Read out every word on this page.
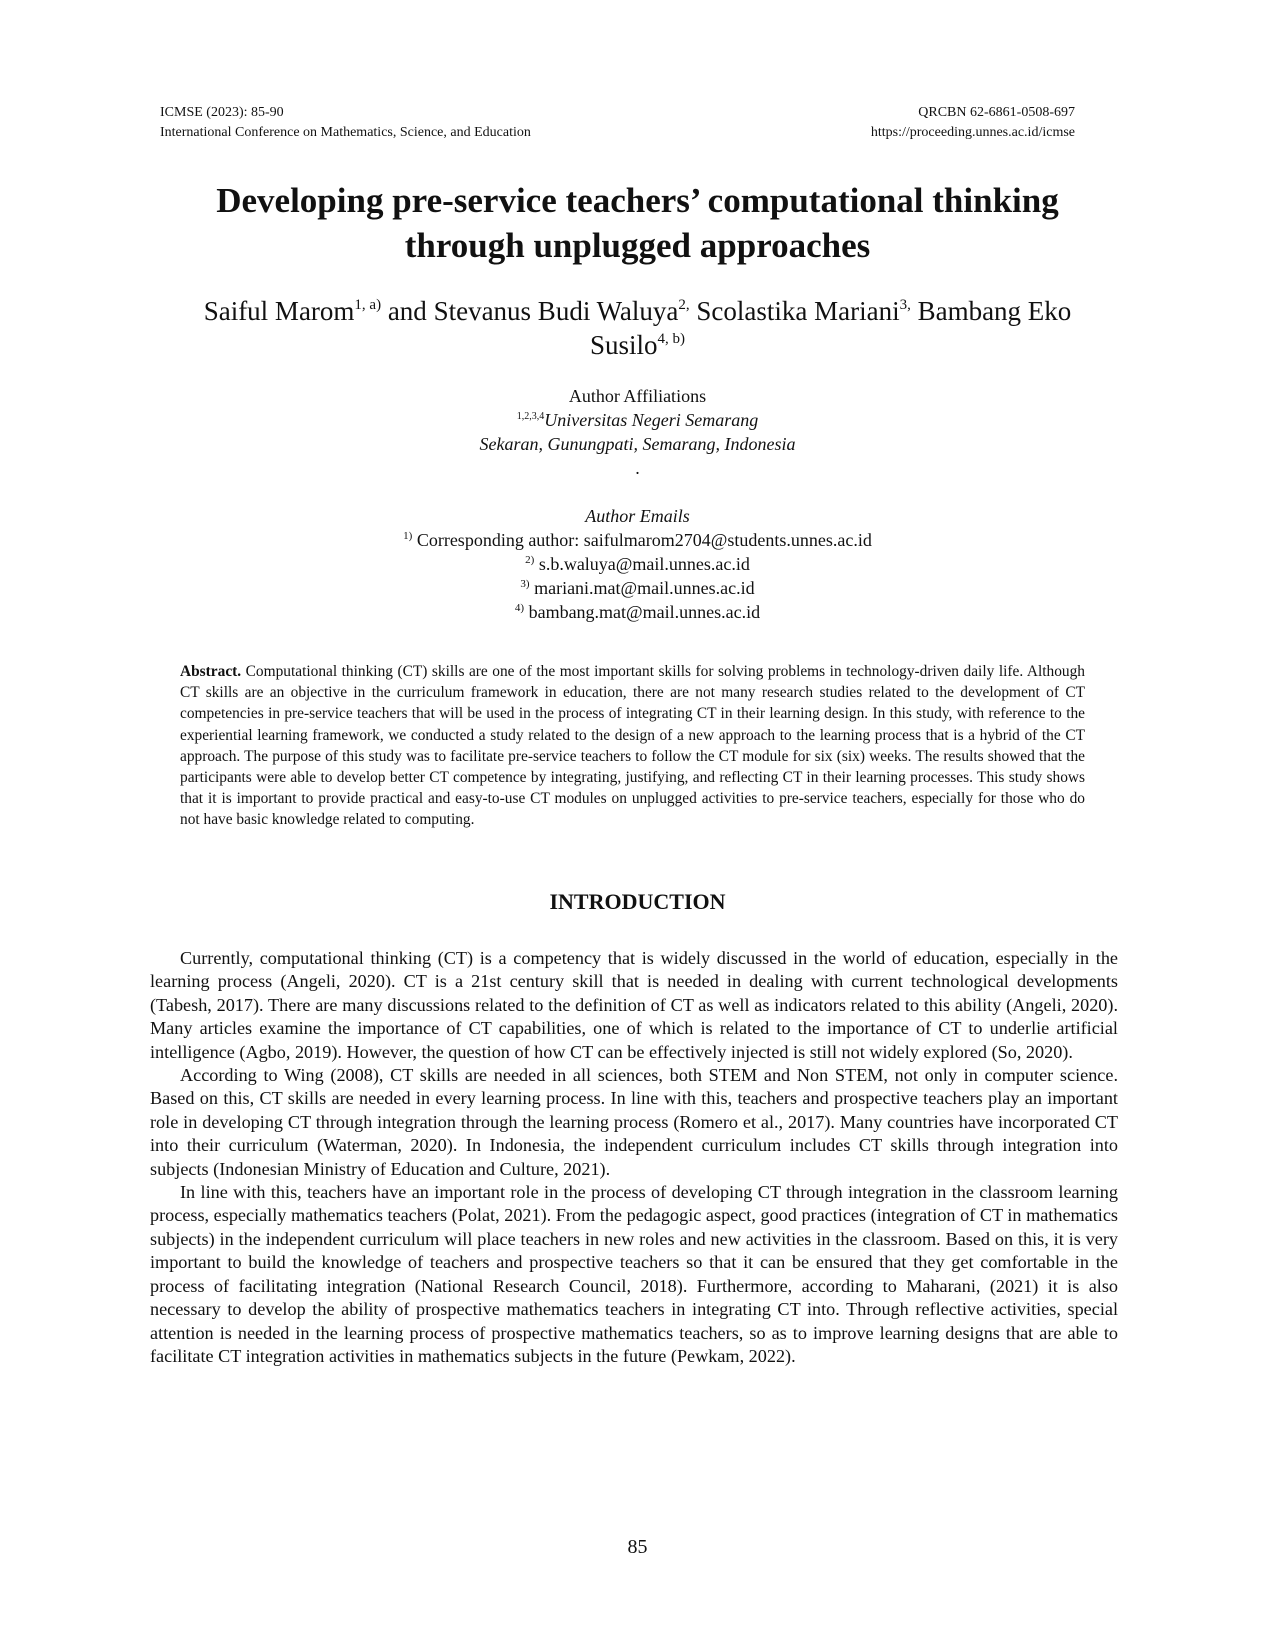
ICMSE (2023): 85-90	QRCBN 62-6861-0508-697
International Conference on Mathematics, Science, and Education	https://proceeding.unnes.ac.id/icmse
Developing pre-service teachers’ computational thinking
through unplugged approaches
Saiful Marom$^{1, a)}$ and Stevanus Budi Waluya$^{2,}$ Scolastika Mariani$^{3,}$ Bambang Eko
Susilo$^{4, b)}$
Author Affiliations
$^{1,2,3,4}$Universitas Negeri Semarang
Sekaran, Gunungpati, Semarang, Indonesia
.
Author Emails
$^{1)}$ Corresponding author: saifulmarom2704@students.unnes.ac.id
$^{2)}$ s.b.waluya@mail.unnes.ac.id
$^{3)}$ mariani.mat@mail.unnes.ac.id
$^{4)}$ bambang.mat@mail.unnes.ac.id
Abstract. Computational thinking (CT) skills are one of the most important skills for solving problems in technology-driven daily life. Although CT skills are an objective in the curriculum framework in education, there are not many research studies related to the development of CT competencies in pre-service teachers that will be used in the process of integrating CT in their learning design. In this study, with reference to the experiential learning framework, we conducted a study related to the design of a new approach to the learning process that is a hybrid of the CT approach. The purpose of this study was to facilitate pre-service teachers to follow the CT module for six (six) weeks. The results showed that the participants were able to develop better CT competence by integrating, justifying, and reflecting CT in their learning processes. This study shows that it is important to provide practical and easy-to-use CT modules on unplugged activities to pre-service teachers, especially for those who do not have basic knowledge related to computing.
INTRODUCTION

Currently, computational thinking (CT) is a competency that is widely discussed in the world of education, especially in the learning process (Angeli, 2020). CT is a 21st century skill that is needed in dealing with current technological developments (Tabesh, 2017). There are many discussions related to the definition of CT as well as indicators related to this ability (Angeli, 2020). Many articles examine the importance of CT capabilities, one of which is related to the importance of CT to underlie artificial intelligence (Agbo, 2019). However, the question of how CT can be effectively injected is still not widely explored (So, 2020).

According to Wing (2008), CT skills are needed in all sciences, both STEM and Non STEM, not only in computer science. Based on this, CT skills are needed in every learning process. In line with this, teachers and prospective teachers play an important role in developing CT through integration through the learning process (Romero et al., 2017). Many countries have incorporated CT into their curriculum (Waterman, 2020). In Indonesia, the independent curriculum includes CT skills through integration into subjects (Indonesian Ministry of Education and Culture, 2021).

In line with this, teachers have an important role in the process of developing CT through integration in the classroom learning process, especially mathematics teachers (Polat, 2021). From the pedagogic aspect, good practices (integration of CT in mathematics subjects) in the independent curriculum will place teachers in new roles and new activities in the classroom. Based on this, it is very important to build the knowledge of teachers and prospective teachers so that it can be ensured that they get comfortable in the process of facilitating integration (National Research Council, 2018). Furthermore, according to Maharani, (2021) it is also necessary to develop the ability of prospective mathematics teachers in integrating CT into. Through reflective activities, special attention is needed in the learning process of prospective mathematics teachers, so as to improve learning designs that are able to facilitate CT integration activities in mathematics subjects in the future (Pewkam, 2022).

85
